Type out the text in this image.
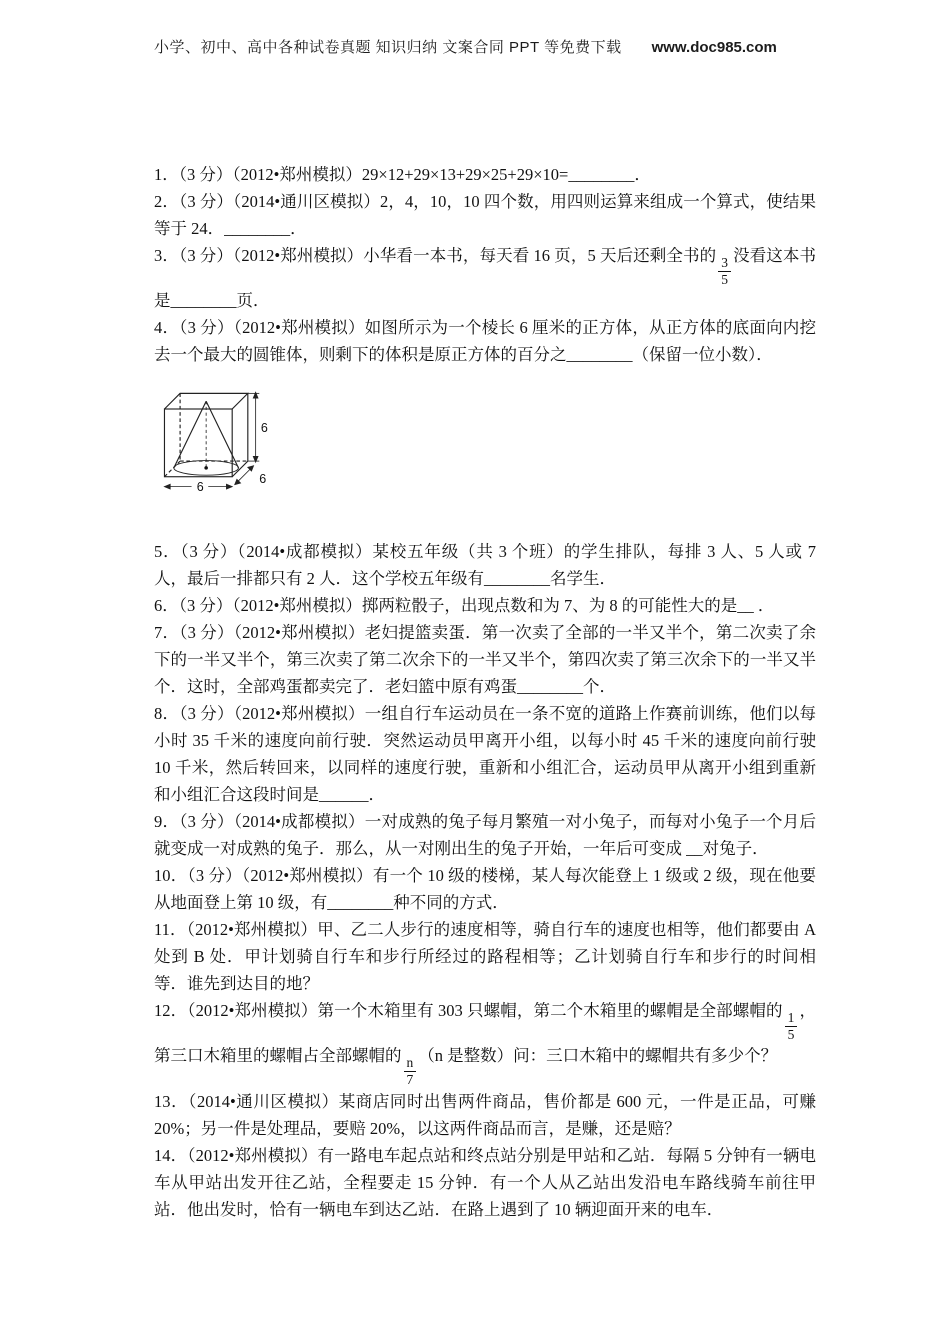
小学、初中、高中各种试卷真题 知识归纳 文案合同 PPT 等免费下载 www.doc985.com

1．（3 分）（2012•郑州模拟）29×12+29×13+29×25+29×10=________．

2．（3 分）（2014•通川区模拟）2，4，10，10 四个数，用四则运算来组成一个算式，使结果等于 24．________．

3．（3 分）（2012•郑州模拟）小华看一本书，每天看 16 页，5 天后还剩全书的 $\frac{3}{5}$ 没看这本书是________页．

4．（3 分）（2012•郑州模拟）如图所示为一个棱长 6 厘米的正方体，从正方体的底面向内挖去一个最大的圆锥体，则剩下的体积是原正方体的百分之________（保留一位小数）．

6
6
6

5．（3 分）（2014•成都模拟）某校五年级（共 3 个班）的学生排队，每排 3 人、5 人或 7 人，最后一排都只有 2 人．这个学校五年级有________名学生．

6．（3 分）（2012•郑州模拟）掷两粒骰子，出现点数和为 7、为 8 的可能性大的是__ ．

7．（3 分）（2012•郑州模拟）老妇提篮卖蛋．第一次卖了全部的一半又半个，第二次卖了余下的一半又半个，第三次卖了第二次余下的一半又半个，第四次卖了第三次余下的一半又半个．这时，全部鸡蛋都卖完了．老妇篮中原有鸡蛋________个．

8．（3 分）（2012•郑州模拟）一组自行车运动员在一条不宽的道路上作赛前训练，他们以每小时 35 千米的速度向前行驶．突然运动员甲离开小组，以每小时 45 千米的速度向前行驶 10 千米，然后转回来，以同样的速度行驶，重新和小组汇合，运动员甲从离开小组到重新和小组汇合这段时间是______．

9．（3 分）（2014•成都模拟）一对成熟的兔子每月繁殖一对小兔子，而每对小兔子一个月后就变成一对成熟的兔子．那么，从一对刚出生的兔子开始，一年后可变成 __对兔子．

10．（3 分）（2012•郑州模拟）有一个 10 级的楼梯，某人每次能登上 1 级或 2 级，现在他要从地面登上第 10 级，有________种不同的方式．

11．（2012•郑州模拟）甲、乙二人步行的速度相等，骑自行车的速度也相等，他们都要由 A 处到 B 处．甲计划骑自行车和步行所经过的路程相等；乙计划骑自行车和步行的时间相等．谁先到达目的地？

12．（2012•郑州模拟）第一个木箱里有 303 只螺帽，第二个木箱里的螺帽是全部螺帽的 $\frac{1}{5}$ ，第三口木箱里的螺帽占全部螺帽的 $\frac{n}{7} (n$ 是整数）问：三口木箱中的螺帽共有多少个？

13．（2014•通川区模拟）某商店同时出售两件商品，售价都是 600 元，一件是正品，可赚 20%；另一件是处理品，要赔 20%，以这两件商品而言，是赚，还是赔？

14．（2012•郑州模拟）有一路电车起点站和终点站分别是甲站和乙站．每隔 5 分钟有一辆电车从甲站出发开往乙站，全程要走 15 分钟．有一个人从乙站出发沿电车路线骑车前往甲站．他出发时，恰有一辆电车到达乙站．在路上遇到了 10 辆迎面开来的电车．
